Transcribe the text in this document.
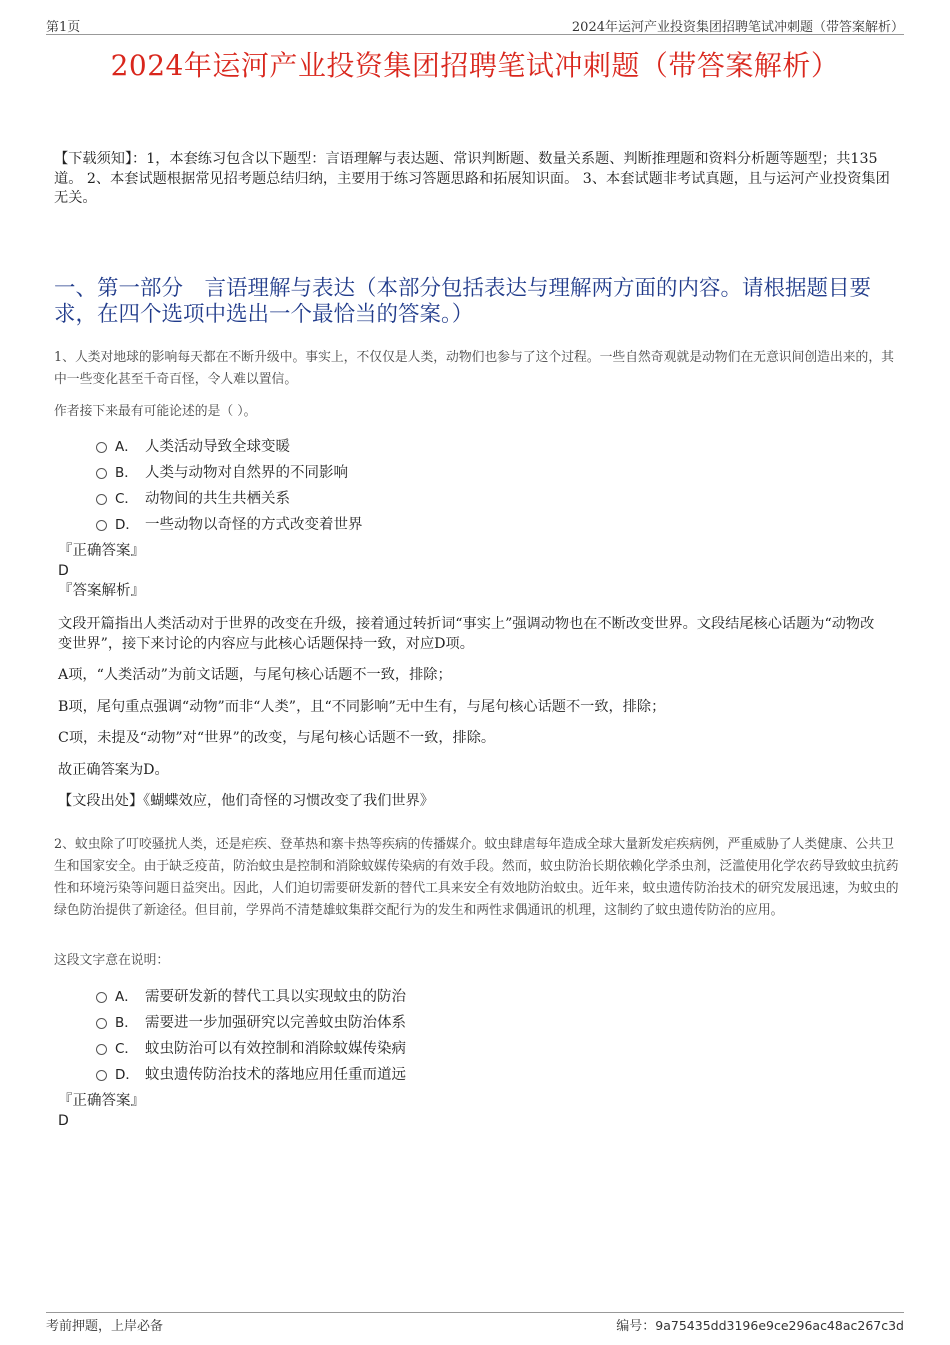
第1页	2024年运河产业投资集团招聘笔试冲刺题（带答案解析）
2024年运河产业投资集团招聘笔试冲刺题（带答案解析）
【下载须知】：1，本套练习包含以下题型：言语理解与表达题、常识判断题、数量关系题、判断推理题和资料分析题等题型；共135道。 2、本套试题根据常见招考题总结归纳，主要用于练习答题思路和拓展知识面。 3、本套试题非考试真题，且与运河产业投资集团无关。
一、第一部分　言语理解与表达（本部分包括表达与理解两方面的内容。请根据题目要求，在四个选项中选出一个最恰当的答案。）
1、人类对地球的影响每天都在不断升级中。事实上，不仅仅是人类，动物们也参与了这个过程。一些自然奇观就是动物们在无意识间创造出来的，其中一些变化甚至千奇百怪，令人难以置信。
作者接下来最有可能论述的是（ ）。
A． 人类活动导致全球变暖
B． 人类与动物对自然界的不同影响
C． 动物间的共生共栖关系
D． 一些动物以奇怪的方式改变着世界
『正确答案』
D
『答案解析』

文段开篇指出人类活动对于世界的改变在升级，接着通过转折词“事实上”强调动物也在不断改变世界。文段结尾核心话题为“动物改变世界”，接下来讨论的内容应与此核心话题保持一致，对应D项。

A项，“人类活动”为前文话题，与尾句核心话题不一致，排除；

B项，尾句重点强调“动物”而非“人类”，且“不同影响”无中生有，与尾句核心话题不一致，排除；

C项，未提及“动物”对“世界”的改变，与尾句核心话题不一致，排除。

故正确答案为D。

【文段出处】《蝴蝶效应，他们奇怪的习惯改变了我们世界》

2、蚊虫除了叮咬骚扰人类，还是疟疾、登革热和寨卡热等疾病的传播媒介。蚊虫肆虐每年造成全球大量新发疟疾病例，严重威胁了人类健康、公共卫生和国家安全。由于缺乏疫苗，防治蚊虫是控制和消除蚊媒传染病的有效手段。然而，蚊虫防治长期依赖化学杀虫剂，泛滥使用化学农药导致蚊虫抗药性和环境污染等问题日益突出。因此，人们迫切需要研发新的替代工具来安全有效地防治蚊虫。近年来，蚊虫遗传防治技术的研究发展迅速，为蚊虫的绿色防治提供了新途径。但目前，学界尚不清楚雄蚊集群交配行为的发生和两性求偶通讯的机理，这制约了蚊虫遗传防治的应用。
这段文字意在说明：
A． 需要研发新的替代工具以实现蚊虫的防治
B． 需要进一步加强研究以完善蚊虫防治体系
C． 蚊虫防治可以有效控制和消除蚊媒传染病
D． 蚊虫遗传防治技术的落地应用任重而道远
『正确答案』
D
考前押题，上岸必备	编号：9a75435dd3196e9ce296ac48ac267c3d
